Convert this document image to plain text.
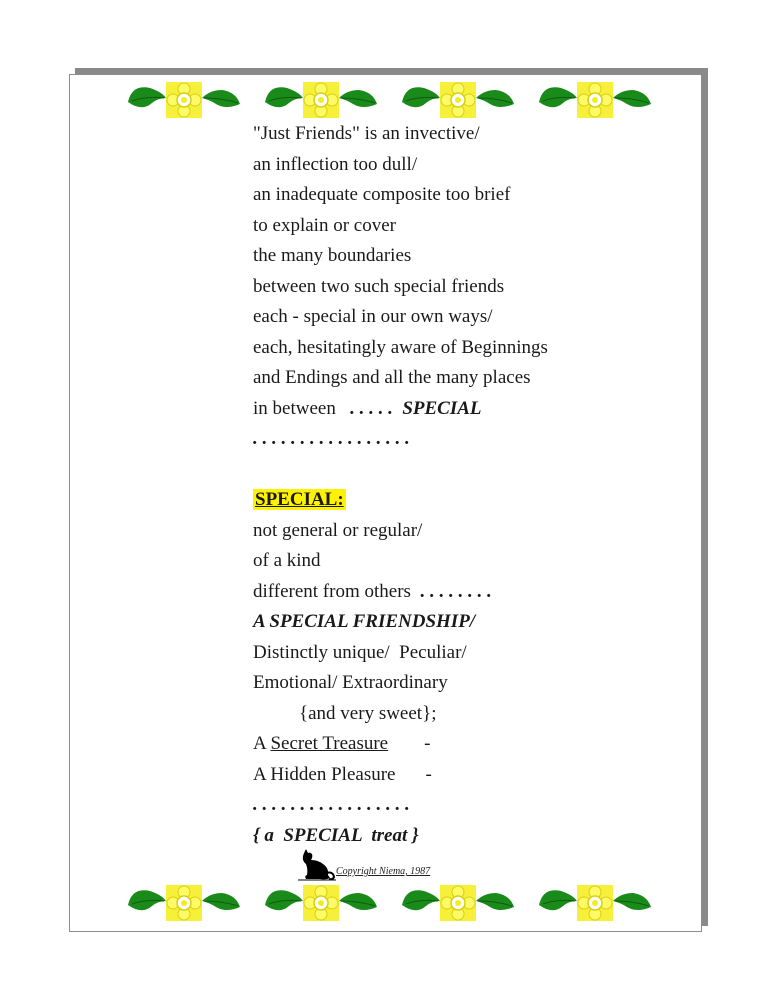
"Just Friends" is an invective/
an inflection too dull/
an inadequate composite too brief
to explain or cover
the many boundaries
between two such special friends
each - special in our own ways/
each, hesitatingly aware of Beginnings
and Endings and all the many places
in between . . . . . SPECIAL
. . . . . . . . . . . . . . . . .
SPECIAL:
not general or regular/
of a kind
different from others . . . . . . . .
A SPECIAL FRIENDSHIP/
Distinctly unique/  Peculiar/
Emotional/ Extraordinary
{and very sweet};
A Secret Treasure -
A Hidden Pleasure -
. . . . . . . . . . . . . . . . .
{ a  SPECIAL  treat }
Copyright Niema, 1987
